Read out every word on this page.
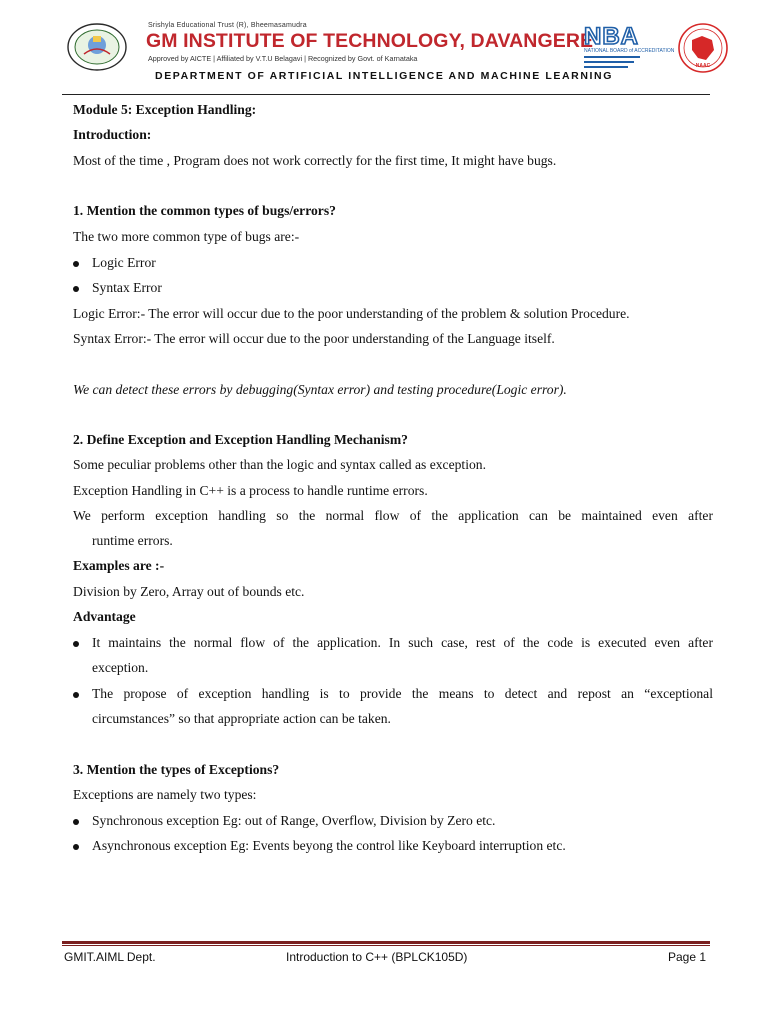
Srishyla Educational Trust (R), Bheemasamudra
GM INSTITUTE OF TECHNOLOGY, DAVANGERE
Approved by AICTE | Affiliated by V.T.U Belagavi | Recognized by Govt. of Karnataka
NBA
NATIONAL BOARD of ACCREDITATION
NAAC
DEPARTMENT OF ARTIFICIAL INTELLIGENCE AND MACHINE LEARNING
Module 5: Exception Handling:
Introduction:
Most of the time , Program does not work correctly for the first time, It might have bugs.
1. Mention the common types of bugs/errors?
The two more common type of bugs are:-
Logic Error
Syntax Error
Logic Error:- The error will occur due to the poor understanding of the problem & solution Procedure.
Syntax Error:- The error will occur due to the poor understanding of the Language itself.
We can detect these errors by debugging(Syntax error) and testing procedure(Logic error).
2. Define Exception and Exception Handling Mechanism?
Some peculiar problems other than the logic and syntax called as exception.
Exception Handling in C++ is a process to handle runtime errors.
We perform exception handling so the normal flow of the application can be maintained even after
runtime errors.
Examples are :-
Division by Zero, Array out of bounds etc.
Advantage
It maintains the normal flow of the application. In such case, rest of the code is executed even after
exception.
The propose of exception handling is to provide the means to detect and repost an “exceptional
circumstances” so that appropriate action can be taken.
3. Mention the types of Exceptions?
Exceptions are namely two types:
Synchronous exception Eg: out of Range, Overflow, Division by Zero etc.
Asynchronous exception Eg: Events beyong the control like Keyboard interruption etc.
GMIT.AIML Dept.	Introduction to C++ (BPLCK105D)	Page 1
